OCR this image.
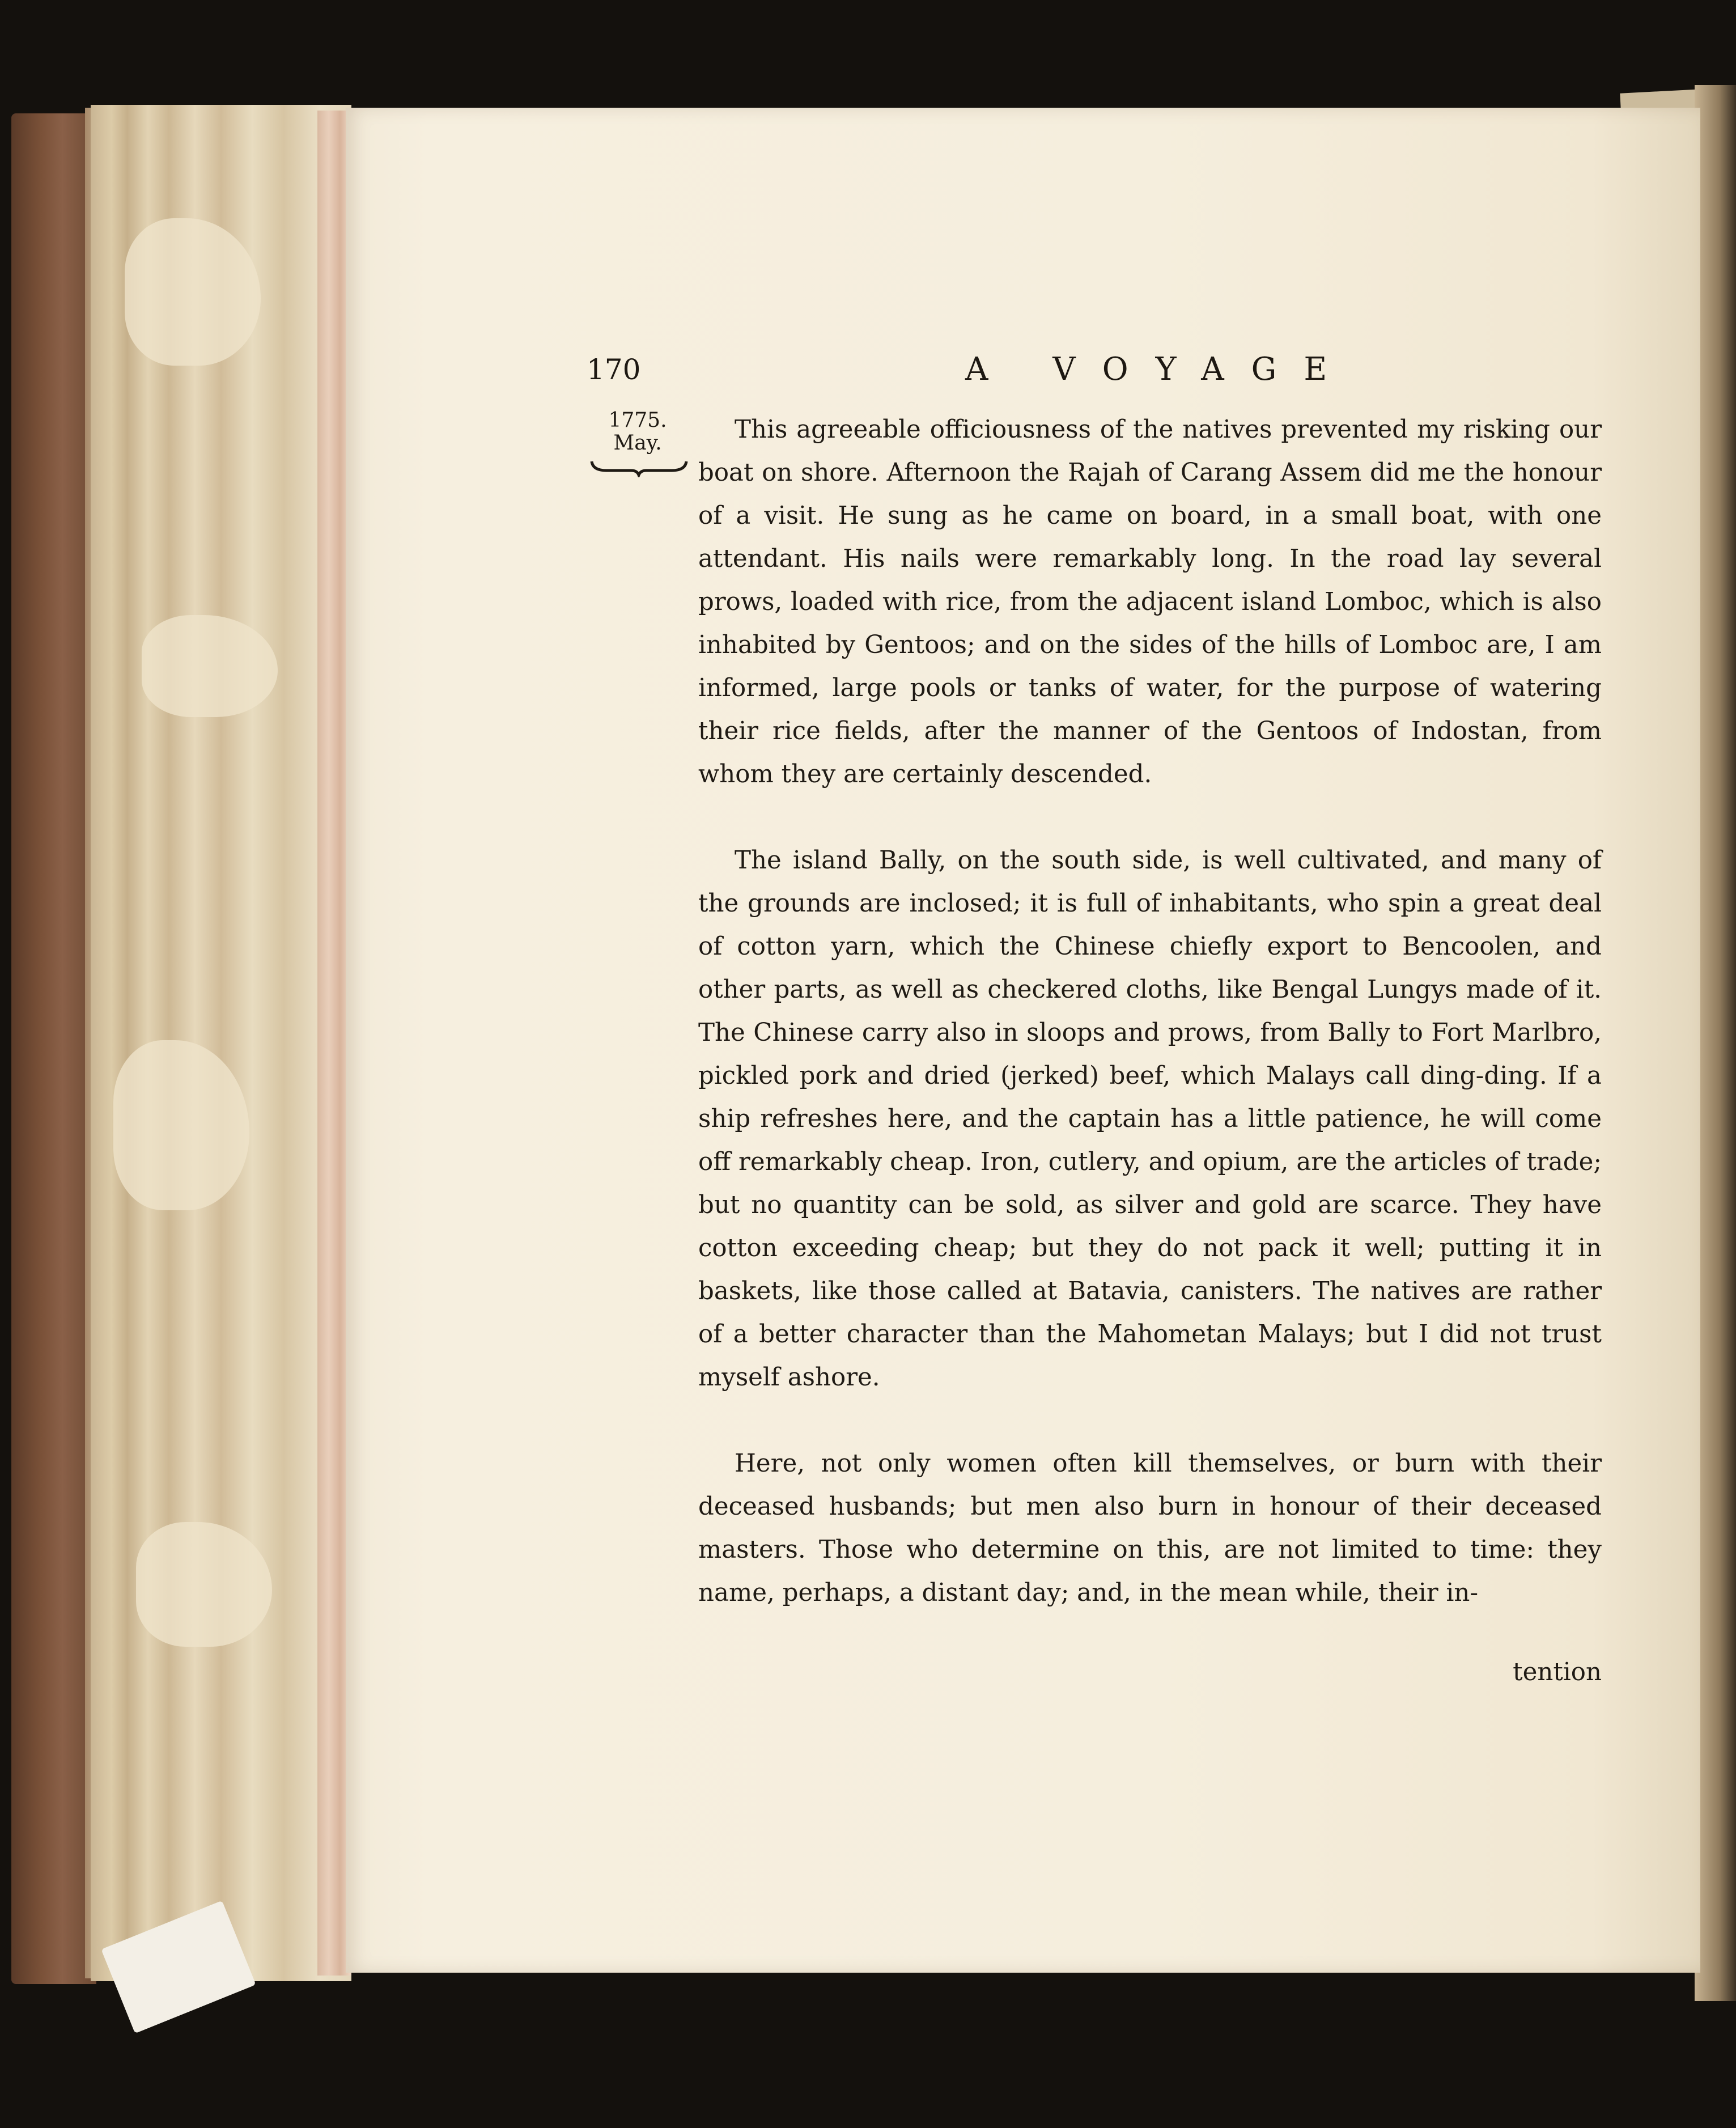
170	A VOYAGE
1775.
May.	This agreeable officiousness of the natives prevented my risking our boat on shore. Afternoon the Rajah of Carang Assem did me the honour of a visit. He sung as he came on board, in a small boat, with one attendant. His nails were remarkably long. In the road lay several prows, loaded with rice, from the adjacent island Lomboc, which is also inhabited by Gentoos; and on the sides of the hills of Lomboc are, I am informed, large pools or tanks of water, for the purpose of watering their rice fields, after the manner of the Gentoos of Indostan, from whom they are certainly descended.

The island Bally, on the south side, is well cultivated, and many of the grounds are inclosed; it is full of inhabitants, who spin a great deal of cotton yarn, which the Chinese chiefly export to Bencoolen, and other parts, as well as checkered cloths, like Bengal Lungys made of it. The Chinese carry also in sloops and prows, from Bally to Fort Marlbro, pickled pork and dried (jerked) beef, which Malays call ding-ding. If a ship refreshes here, and the captain has a little patience, he will come off remarkably cheap. Iron, cutlery, and opium, are the articles of trade; but no quantity can be sold, as silver and gold are scarce. They have cotton exceeding cheap; but they do not pack it well; putting it in baskets, like those called at Batavia, canisters. The natives are rather of a better character than the Mahometan Malays; but I did not trust myself ashore.

Here, not only women often kill themselves, or burn with their deceased husbands; but men also burn in honour of their deceased masters. Those who determine on this, are not limited to time: they name, perhaps, a distant day; and, in the mean while, their in-

tention
